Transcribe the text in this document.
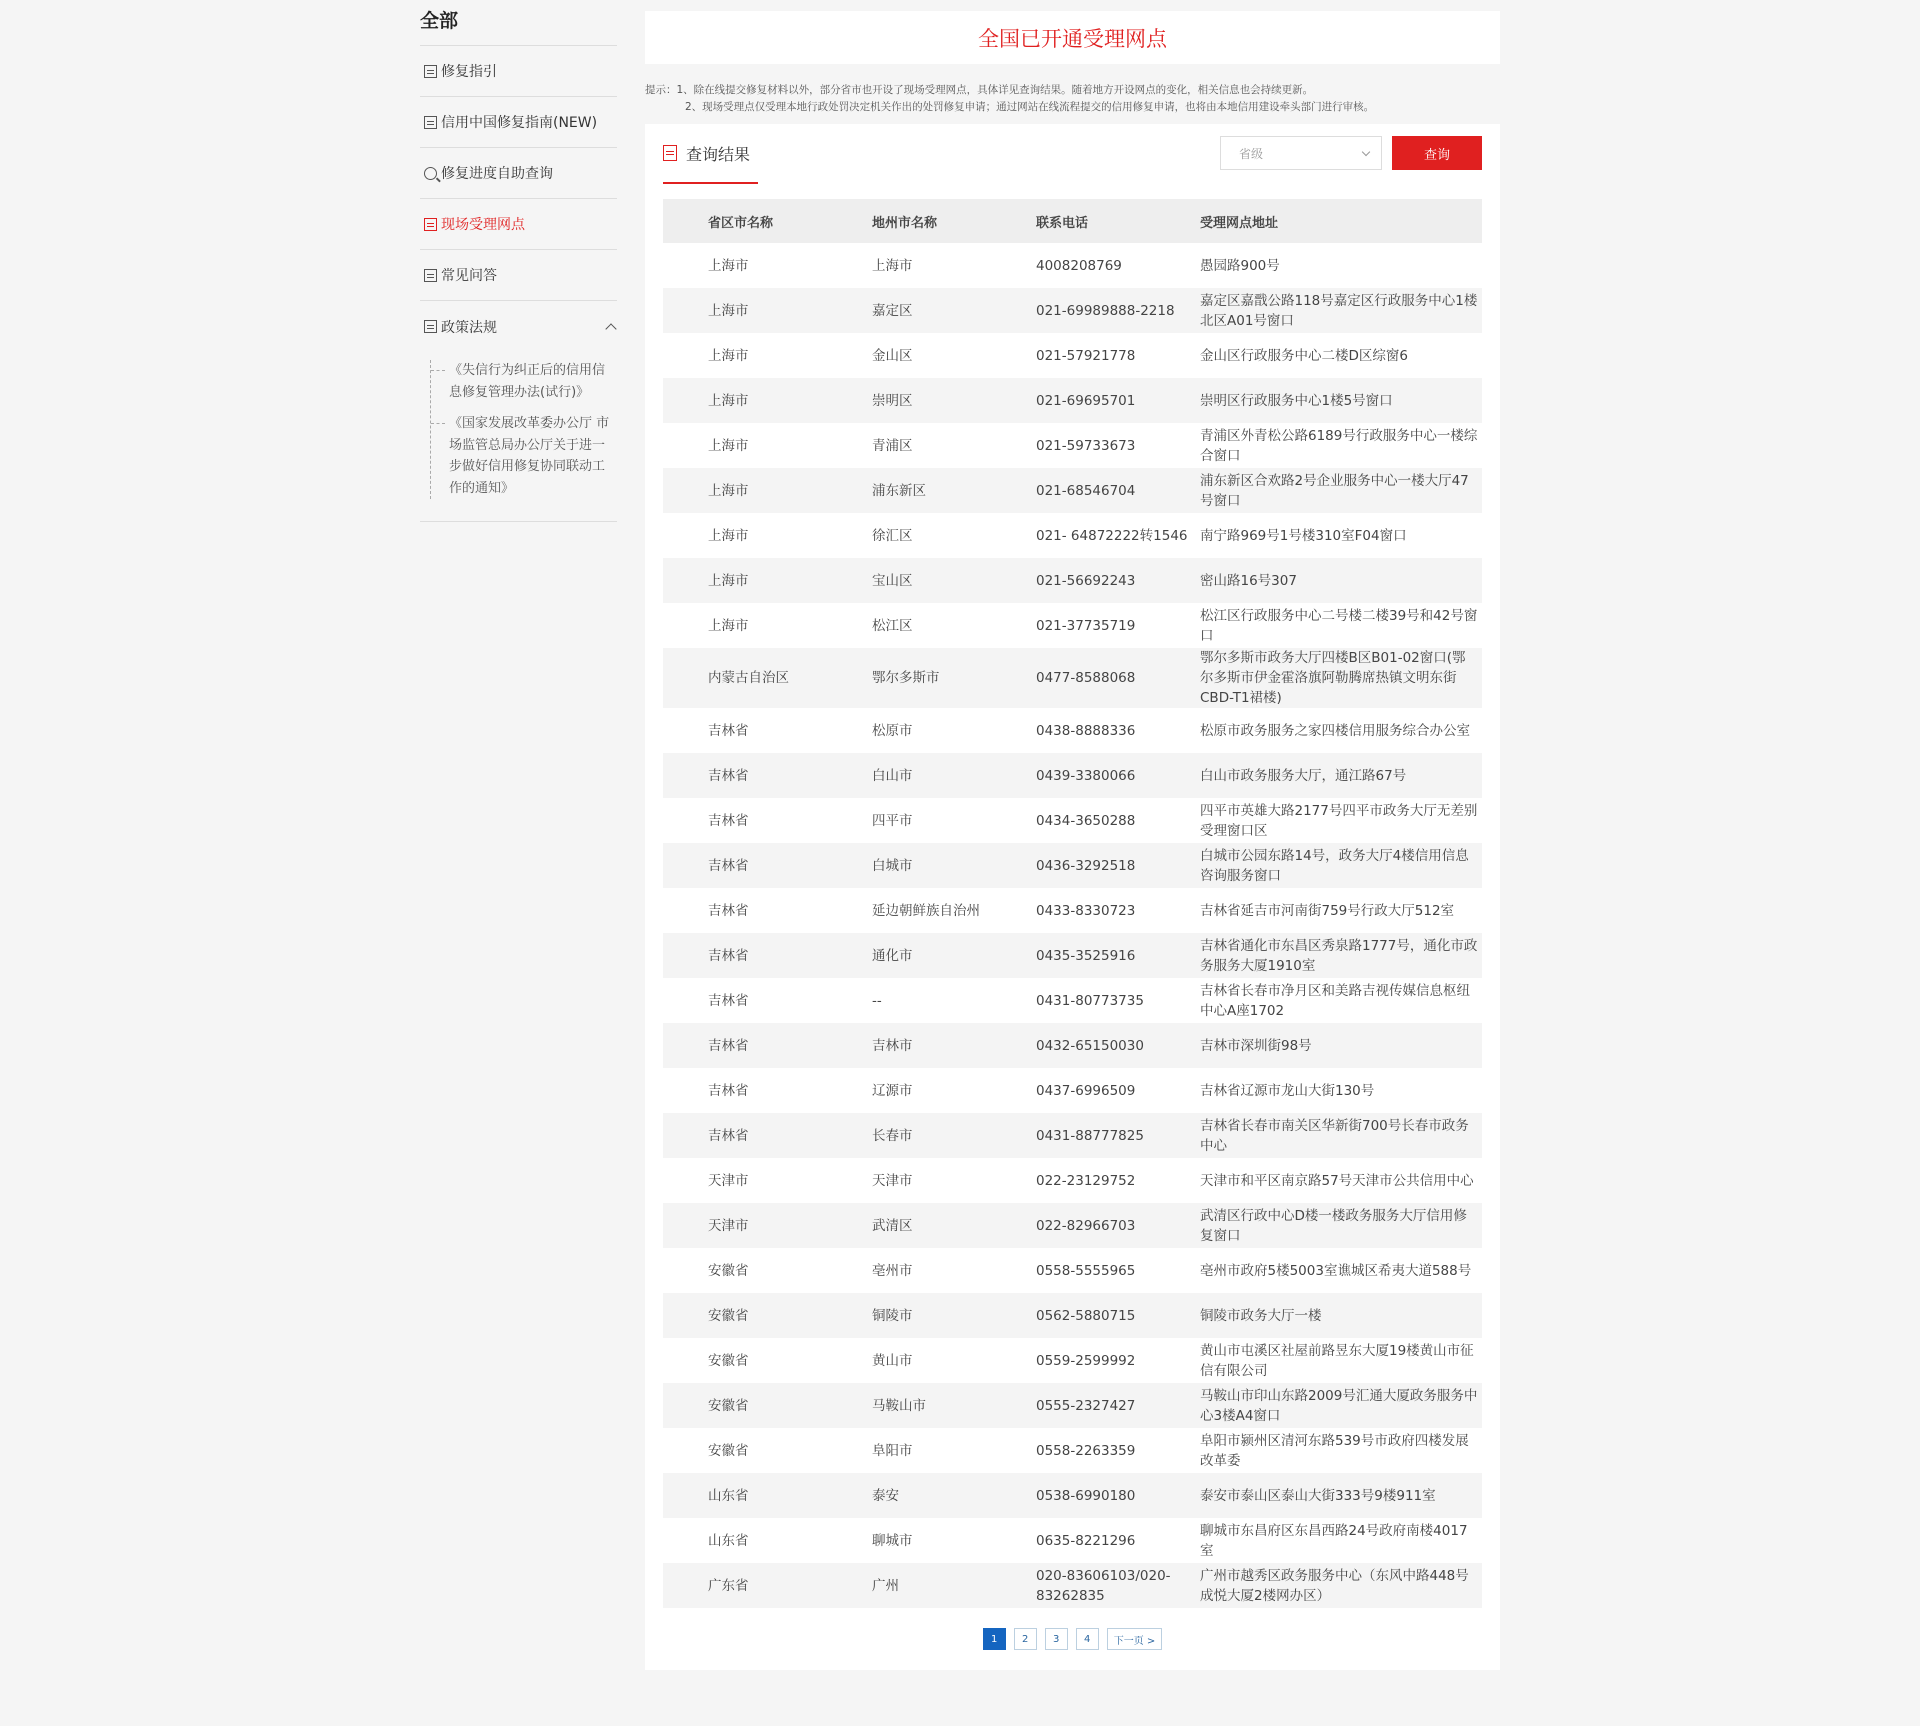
全部
修复指引
信用中国修复指南(NEW)
修复进度自助查询
现场受理网点
常见问答
政策法规
《失信行为纠正后的信用信息修复管理办法(试行)》
《国家发展改革委办公厅 市场监管总局办公厅关于进一步做好信用修复协同联动工作的通知》
全国已开通受理网点
提示： 1、除在线提交修复材料以外，部分省市也开设了现场受理网点，具体详见查询结果。随着地方开设网点的变化，相关信息也会持续更新。
2、现场受理点仅受理本地行政处罚决定机关作出的处罚修复申请；通过网站在线流程提交的信用修复申请，也将由本地信用建设牵头部门进行审核。
查询结果	省级	查询
	省区市名称	地州市名称	联系电话	受理网点地址
	上海市	上海市	4008208769	愚园路900号
	上海市	嘉定区	021-69989888-2218	嘉定区嘉戬公路118号嘉定区行政服务中心1楼北区A01号窗口
	上海市	金山区	021-57921778	金山区行政服务中心二楼D区综窗6
	上海市	崇明区	021-69695701	崇明区行政服务中心1楼5号窗口
	上海市	青浦区	021-59733673	青浦区外青松公路6189号行政服务中心一楼综合窗口
	上海市	浦东新区	021-68546704	浦东新区合欢路2号企业服务中心一楼大厅47号窗口
	上海市	徐汇区	021- 64872222转1546	南宁路969号1号楼310室F04窗口
	上海市	宝山区	021-56692243	密山路16号307
	上海市	松江区	021-37735719	松江区行政服务中心二号楼二楼39号和42号窗口
	内蒙古自治区	鄂尔多斯市	0477-8588068	鄂尔多斯市政务大厅四楼B区B01-02窗口(鄂尔多斯市伊金霍洛旗阿勒腾席热镇文明东街CBD-T1裙楼)
	吉林省	松原市	0438-8888336	松原市政务服务之家四楼信用服务综合办公室
	吉林省	白山市	0439-3380066	白山市政务服务大厅，通江路67号
	吉林省	四平市	0434-3650288	四平市英雄大路2177号四平市政务大厅无差别受理窗口区
	吉林省	白城市	0436-3292518	白城市公园东路14号，政务大厅4楼信用信息咨询服务窗口
	吉林省	延边朝鲜族自治州	0433-8330723	吉林省延吉市河南街759号行政大厅512室
	吉林省	通化市	0435-3525916	吉林省通化市东昌区秀泉路1777号，通化市政务服务大厦1910室
	吉林省	--	0431-80773735	吉林省长春市净月区和美路吉视传媒信息枢纽中心A座1702
	吉林省	吉林市	0432-65150030	吉林市深圳街98号
	吉林省	辽源市	0437-6996509	吉林省辽源市龙山大街130号
	吉林省	长春市	0431-88777825	吉林省长春市南关区华新街700号长春市政务中心
	天津市	天津市	022-23129752	天津市和平区南京路57号天津市公共信用中心
	天津市	武清区	022-82966703	武清区行政中心D楼一楼政务服务大厅信用修复窗口
	安徽省	亳州市	0558-5555965	亳州市政府5楼5003室谯城区希夷大道588号
	安徽省	铜陵市	0562-5880715	铜陵市政务大厅一楼
	安徽省	黄山市	0559-2599992	黄山市屯溪区社屋前路昱东大厦19楼黄山市征信有限公司
	安徽省	马鞍山市	0555-2327427	马鞍山市印山东路2009号汇通大厦政务服务中心3楼A4窗口
	安徽省	阜阳市	0558-2263359	阜阳市颍州区清河东路539号市政府四楼发展改革委
	山东省	泰安	0538-6990180	泰安市泰山区泰山大街333号9楼911室
	山东省	聊城市	0635-8221296	聊城市东昌府区东昌西路24号政府南楼4017室
	广东省	广州	020-83606103/020-83262835	广州市越秀区政务服务中心（东风中路448号成悦大厦2楼网办区）
1	2	3	4	下一页 >
